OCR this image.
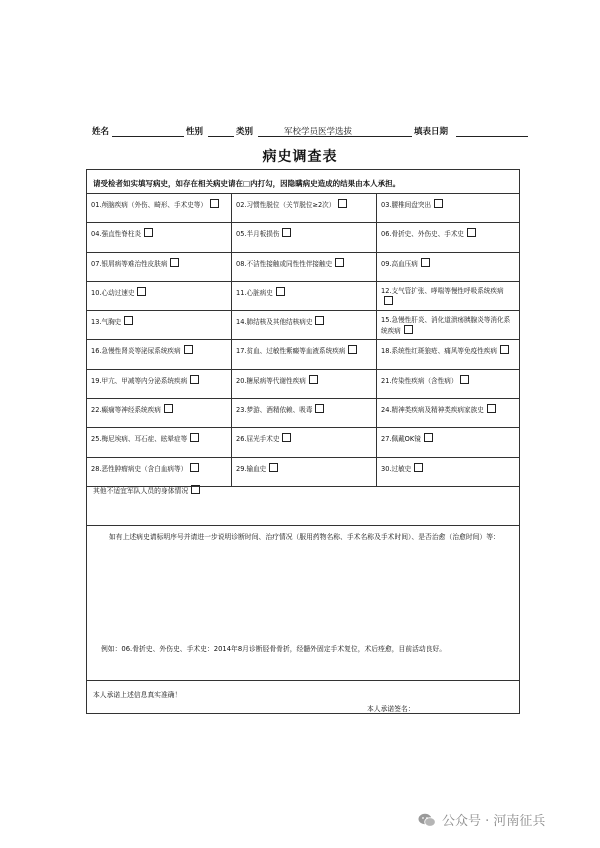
姓名	性别	类别	军校学员医学选拔	填表日期
病史调查表
请受检者如实填写病史，如存在相关病史请在□内打勾，因隐瞒病史造成的结果由本人承担。
01.颅脑疾病（外伤、畸形、手术史等）	02.习惯性脱位（关节脱位≥2次）	03.腰椎间盘突出
04.强直性脊柱炎	05.半月板损伤	06.骨折史、外伤史、手术史
07.银屑病等难治性皮肤病	08.不洁性接触或同性性伴接触史	09.高血压病
10.心动过速史	11.心脏病史	12.支气管扩张、哮喘等慢性呼吸系统疾病
13.气胸史	14.肺结核及其他结核病史	15.急慢性肝炎、消化道溃疡胰腺炎等消化系统疾病
16.急慢性肾炎等泌尿系统疾病	17.贫血、过敏性紫癜等血液系统疾病	18.系统性红斑狼疮、痛风等免疫性疾病
19.甲亢、甲减等内分泌系统疾病	20.糖尿病等代谢性疾病	21.传染性疾病（含性病）
22.癫痫等神经系统疾病	23.梦游、酒精依赖、吸毒	24.精神类疾病及精神类疾病家族史
25.梅尼埃病、耳石症、眩晕症等	26.屈光手术史	27.佩戴OK镜
28.恶性肿瘤病史（含白血病等）	29.输血史	30.过敏史
其他不适宜军队人员的身体情况
如有上述病史请标明序号并请进一步说明诊断时间、治疗情况（服用药物名称、手术名称及手术时间）、是否治愈（治愈时间）等：
例如：06.骨折史、外伤史、手术史：2014年8月诊断胫骨骨折，经髓外固定手术复位，术后痊愈，目前活动良好。
本人承诺上述信息真实准确！
本人承诺签名：
公众号 · 河南征兵
